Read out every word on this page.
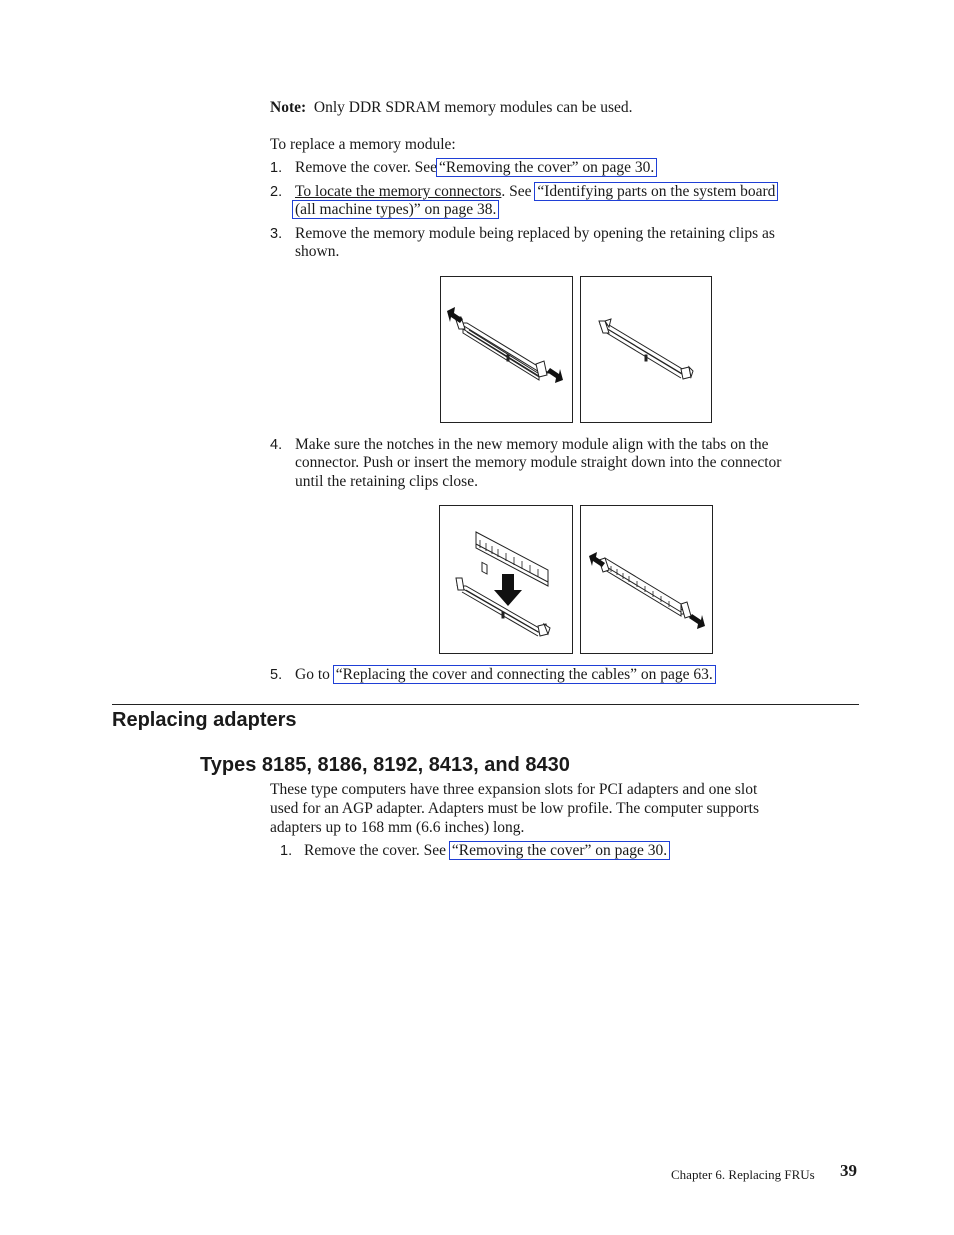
Note: Only DDR SDRAM memory modules can be used.
To replace a memory module:
1. Remove the cover. See “Removing the cover” on page 30.
2. To locate the memory connectors. See “Identifying parts on the system board
(all machine types)” on page 38.
3. Remove the memory module being replaced by opening the retaining clips as
shown.
4. Make sure the notches in the new memory module align with the tabs on the
connector. Push or insert the memory module straight down into the connector
until the retaining clips close.
5. Go to “Replacing the cover and connecting the cables” on page 63.
Replacing adapters
Types 8185, 8186, 8192, 8413, and 8430
These type computers have three expansion slots for PCI adapters and one slot
used for an AGP adapter. Adapters must be low profile. The computer supports
adapters up to 168 mm (6.6 inches) long.
1. Remove the cover. See “Removing the cover” on page 30.
Chapter 6. Replacing FRUs 39
